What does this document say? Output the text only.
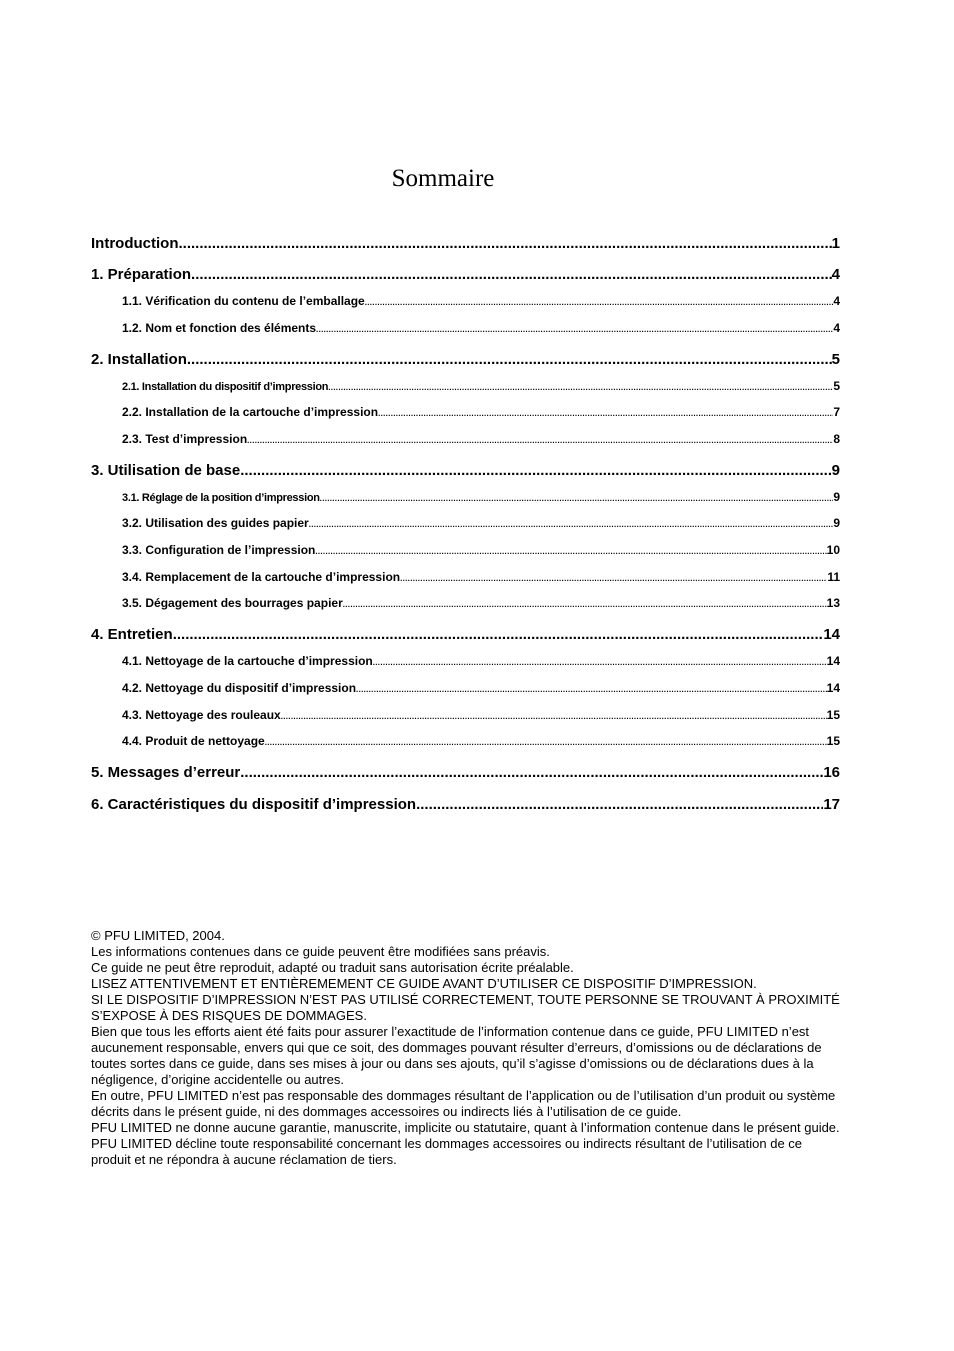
Sommaire
Introduction .....	1
1. Préparation .....	4
1.1. Vérification du contenu de l’emballage .....	4
1.2. Nom et fonction des éléments .....	4
2. Installation .....	5
2.1. Installation du dispositif d’impression .....	5
2.2. Installation de la cartouche d’impression .....	7
2.3. Test d’impression .....	8
3. Utilisation de base .....	9
3.1. Réglage de la position d’impression .....	9
3.2. Utilisation des guides papier .....	9
3.3. Configuration de l’impression .....	10
3.4. Remplacement de la cartouche d’impression .....	11
3.5. Dégagement des bourrages papier .....	13
4. Entretien .....	14
4.1. Nettoyage de la cartouche d’impression .....	14
4.2. Nettoyage du dispositif d’impression .....	14
4.3. Nettoyage des rouleaux .....	15
4.4. Produit de nettoyage .....	15
5. Messages d’erreur .....	16
6. Caractéristiques du dispositif d’impression .....	17

© PFU LIMITED, 2004.

Les informations contenues dans ce guide peuvent être modifiées sans préavis.

Ce guide ne peut être reproduit, adapté ou traduit sans autorisation écrite préalable.

LISEZ ATTENTIVEMENT ET ENTIÈREMEMENT CE GUIDE AVANT D’UTILISER CE DISPOSITIF D’IMPRESSION.

SI LE DISPOSITIF D’IMPRESSION N’EST PAS UTILISÉ CORRECTEMENT, TOUTE PERSONNE SE TROUVANT À PROXIMITÉ S’EXPOSE À DES RISQUES DE DOMMAGES.

Bien que tous les efforts aient été faits pour assurer l’exactitude de l’information contenue dans ce guide, PFU LIMITED n’est aucunement responsable, envers qui que ce soit, des dommages pouvant résulter d’erreurs, d’omissions ou de déclarations de toutes sortes dans ce guide, dans ses mises à jour ou dans ses ajouts, qu’il s’agisse d’omissions ou de déclarations dues à la négligence, d’origine accidentelle ou autres.

En outre, PFU LIMITED n’est pas responsable des dommages résultant de l’application ou de l’utilisation d’un produit ou système décrits dans le présent guide, ni des dommages accessoires ou indirects liés à l’utilisation de ce guide.

PFU LIMITED ne donne aucune garantie, manuscrite, implicite ou statutaire, quant à l’information contenue dans le présent guide.

PFU LIMITED décline toute responsabilité concernant les dommages accessoires ou indirects résultant de l’utilisation de ce produit et ne répondra à aucune réclamation de tiers.
